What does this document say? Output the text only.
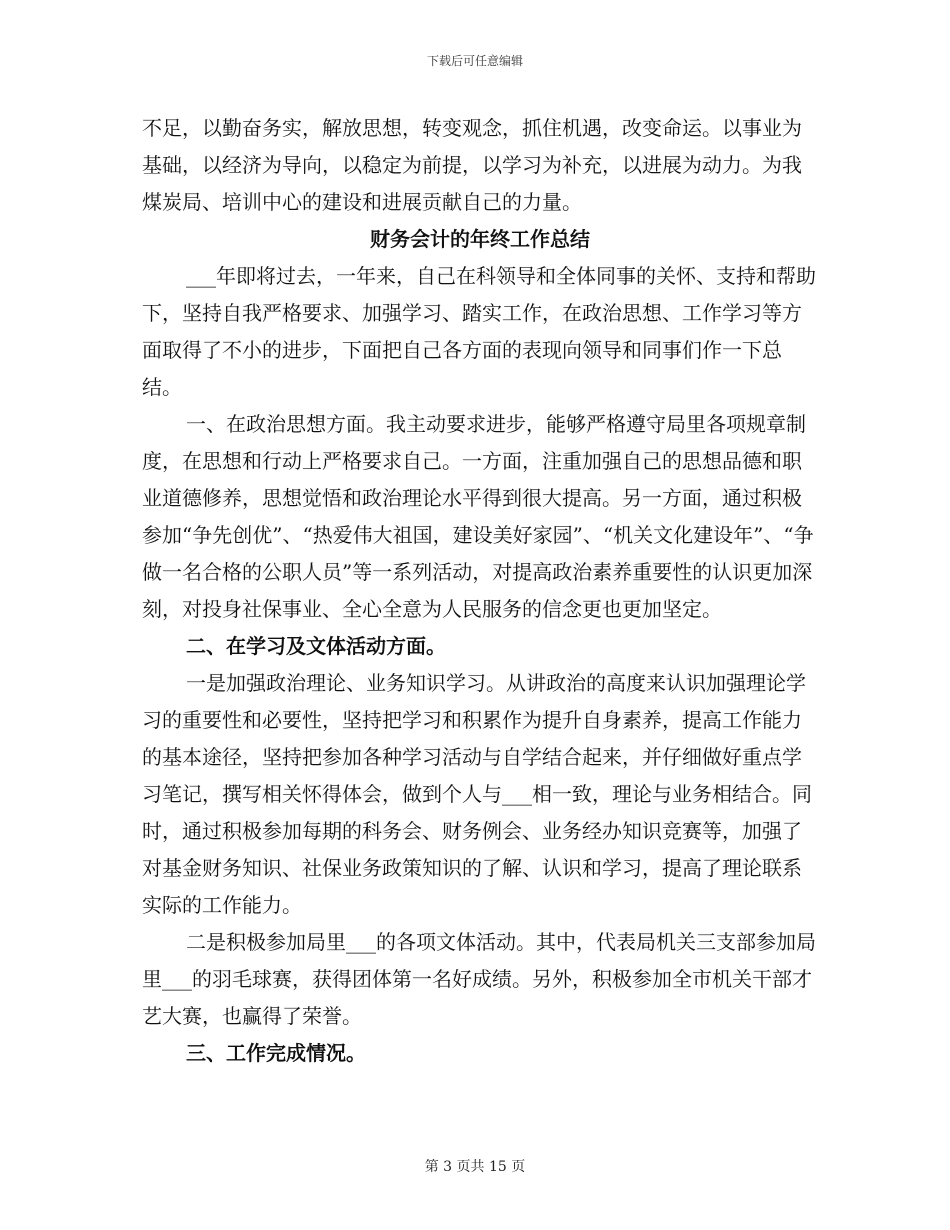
下载后可任意编辑

不足，以勤奋务实，解放思想，转变观念，抓住机遇，改变命运。以事业为基础，以经济为导向，以稳定为前提，以学习为补充，以进展为动力。为我煤炭局、培训中心的建设和进展贡献自己的力量。

财务会计的年终工作总结

___年即将过去，一年来，自己在科领导和全体同事的关怀、支持和帮助下，坚持自我严格要求、加强学习、踏实工作，在政治思想、工作学习等方面取得了不小的进步，下面把自己各方面的表现向领导和同事们作一下总结。

一、在政治思想方面。我主动要求进步，能够严格遵守局里各项规章制度，在思想和行动上严格要求自己。一方面，注重加强自己的思想品德和职业道德修养，思想觉悟和政治理论水平得到很大提高。另一方面，通过积极参加“争先创优”、“热爱伟大祖国，建设美好家园”、“机关文化建设年”、“争做一名合格的公职人员”等一系列活动，对提高政治素养重要性的认识更加深刻，对投身社保事业、全心全意为人民服务的信念更也更加坚定。

二、在学习及文体活动方面。

一是加强政治理论、业务知识学习。从讲政治的高度来认识加强理论学习的重要性和必要性，坚持把学习和积累作为提升自身素养，提高工作能力的基本途径，坚持把参加各种学习活动与自学结合起来，并仔细做好重点学习笔记，撰写相关怀得体会，做到个人与___相一致，理论与业务相结合。同时，通过积极参加每期的科务会、财务例会、业务经办知识竞赛等，加强了对基金财务知识、社保业务政策知识的了解、认识和学习，提高了理论联系实际的工作能力。

二是积极参加局里___的各项文体活动。其中，代表局机关三支部参加局里___的羽毛球赛，获得团体第一名好成绩。另外，积极参加全市机关干部才艺大赛，也赢得了荣誉。

三、工作完成情况。

第 3 页共 15 页
